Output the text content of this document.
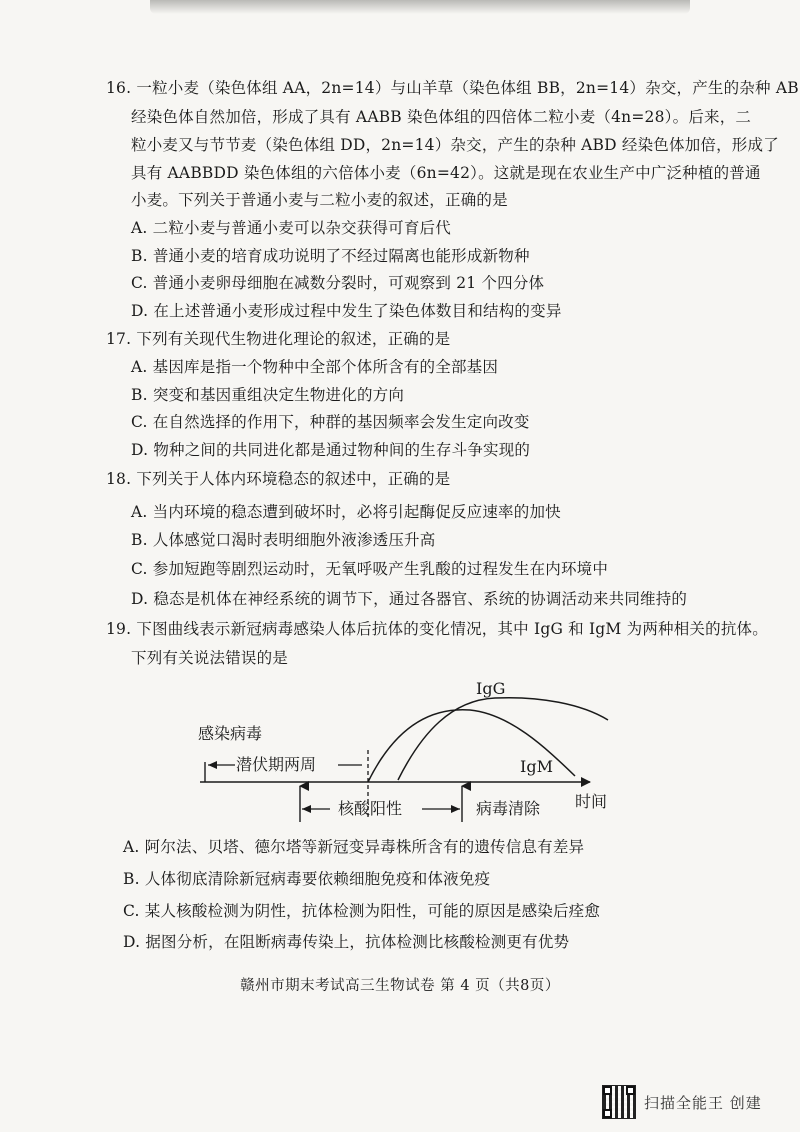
16. 一粒小麦（染色体组 AA，2n=14）与山羊草（染色体组 BB，2n=14）杂交，产生的杂种 AB
经染色体自然加倍，形成了具有 AABB 染色体组的四倍体二粒小麦（4n=28）。后来，二
粒小麦又与节节麦（染色体组 DD，2n=14）杂交，产生的杂种 ABD 经染色体加倍，形成了
具有 AABBDD 染色体组的六倍体小麦（6n=42）。这就是现在农业生产中广泛种植的普通
小麦。下列关于普通小麦与二粒小麦的叙述，正确的是
A. 二粒小麦与普通小麦可以杂交获得可育后代
B. 普通小麦的培育成功说明了不经过隔离也能形成新物种
C. 普通小麦卵母细胞在减数分裂时，可观察到 21 个四分体
D. 在上述普通小麦形成过程中发生了染色体数目和结构的变异
17. 下列有关现代生物进化理论的叙述，正确的是
A. 基因库是指一个物种中全部个体所含有的全部基因
B. 突变和基因重组决定生物进化的方向
C. 在自然选择的作用下，种群的基因频率会发生定向改变
D. 物种之间的共同进化都是通过物种间的生存斗争实现的
18. 下列关于人体内环境稳态的叙述中，正确的是
A. 当内环境的稳态遭到破坏时，必将引起酶促反应速率的加快
B. 人体感觉口渴时表明细胞外液渗透压升高
C. 参加短跑等剧烈运动时，无氧呼吸产生乳酸的过程发生在内环境中
D. 稳态是机体在神经系统的调节下，通过各器官、系统的协调活动来共同维持的
19. 下图曲线表示新冠病毒感染人体后抗体的变化情况，其中 IgG 和 IgM 为两种相关的抗体。
下列有关说法错误的是
感染病毒
潜伏期两周
核酸阳性	病毒清除 时间
IgG
IgM
A. 阿尔法、贝塔、德尔塔等新冠变异毒株所含有的遗传信息有差异
B. 人体彻底清除新冠病毒要依赖细胞免疫和体液免疫
C. 某人核酸检测为阴性，抗体检测为阳性，可能的原因是感染后痊愈
D. 据图分析，在阻断病毒传染上，抗体检测比核酸检测更有优势
赣州市期末考试高三生物试卷 第 4 页（共8页）
扫描全能王 创建
